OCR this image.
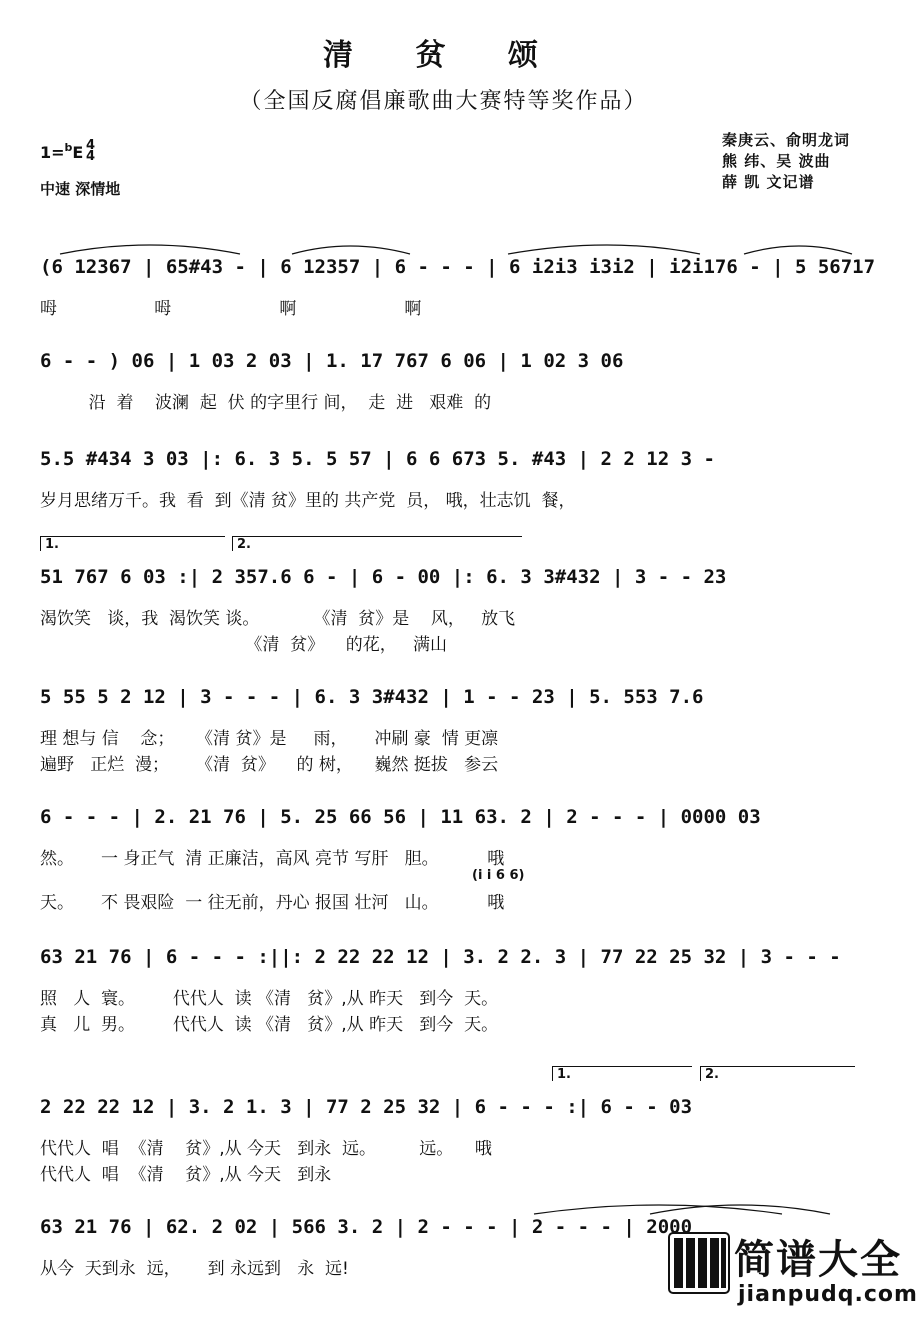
清 贫 颂
（全国反腐倡廉歌曲大赛特等奖作品）
1=$^b$E 4
4
中速 深情地
秦庚云、俞明龙词
熊 纬、吴 波曲
薛 凯 文记谱
(6 12367 | 65#43 - | 6 12357 | 6 - - - | 6 i2i3 i3i2 | i2i176 - | 5 56717
呣                  呣                    啊                    啊
6 - - ) 06 | 1 03 2 03 | 1. 17 767 6 06 | 1 02 3 06
沿  着    波澜  起  伏 的字里行 间，  走  进   艰难  的
5.5 #434 3 03 |: 6. 3 5. 5 57 | 6 6 673 5. #43 | 2 2 12 3 -
岁月思绪万千。我  看  到《清 贫》里的 共产党  员， 哦，壮志饥  餐，
1.	2.
51 767 6 03 :| 2 357.6 6 - | 6 - 00 |: 6. 3 3#432 | 3 - - 23
渴饮笑   谈，我  渴饮笑 谈。          《清  贫》是    风，   放飞
《清  贫》    的花，   满山
5 55 5 2 12 | 3 - - - | 6. 3 3#432 | 1 - - 23 | 5. 553 7.6
理 想与 信    念；    《清 贫》是     雨，     冲刷 豪  情 更凛
遍野   正烂  漫；     《清  贫》    的 树，    巍然 挺拔   参云
6 - - - | 2. 21 76 | 5. 25 66 56 | 11 63. 2 | 2 - - - | 0000 03
然。     一 身正气  清 正廉洁，高风 亮节 写肝   胆。         哦
(i i 6 6)
天。     不 畏艰险  一 往无前，丹心 报国 壮河   山。         哦
63 21 76 | 6 - - - :||: 2 22 22 12 | 3. 2 2. 3 | 77 22 25 32 | 3 - - -
照   人  寰。       代代人  读 《清   贫》,从 昨天   到今  天。
真   儿  男。       代代人  读 《清   贫》,从 昨天   到今  天。
1.	2.
2 22 22 12 | 3. 2 1. 3 | 77 2 25 32 | 6 - - - :| 6 - - 03
代代人  唱  《清    贫》,从 今天   到永  远。        远。    哦
代代人  唱  《清    贫》,从 今天   到永
63 21 76 | 62. 2 02 | 566 3. 2 | 2 - - - | 2 - - - | 2000
从今  天到永  远，     到 永远到   永  远!	简谱大全
jianpudq.com
